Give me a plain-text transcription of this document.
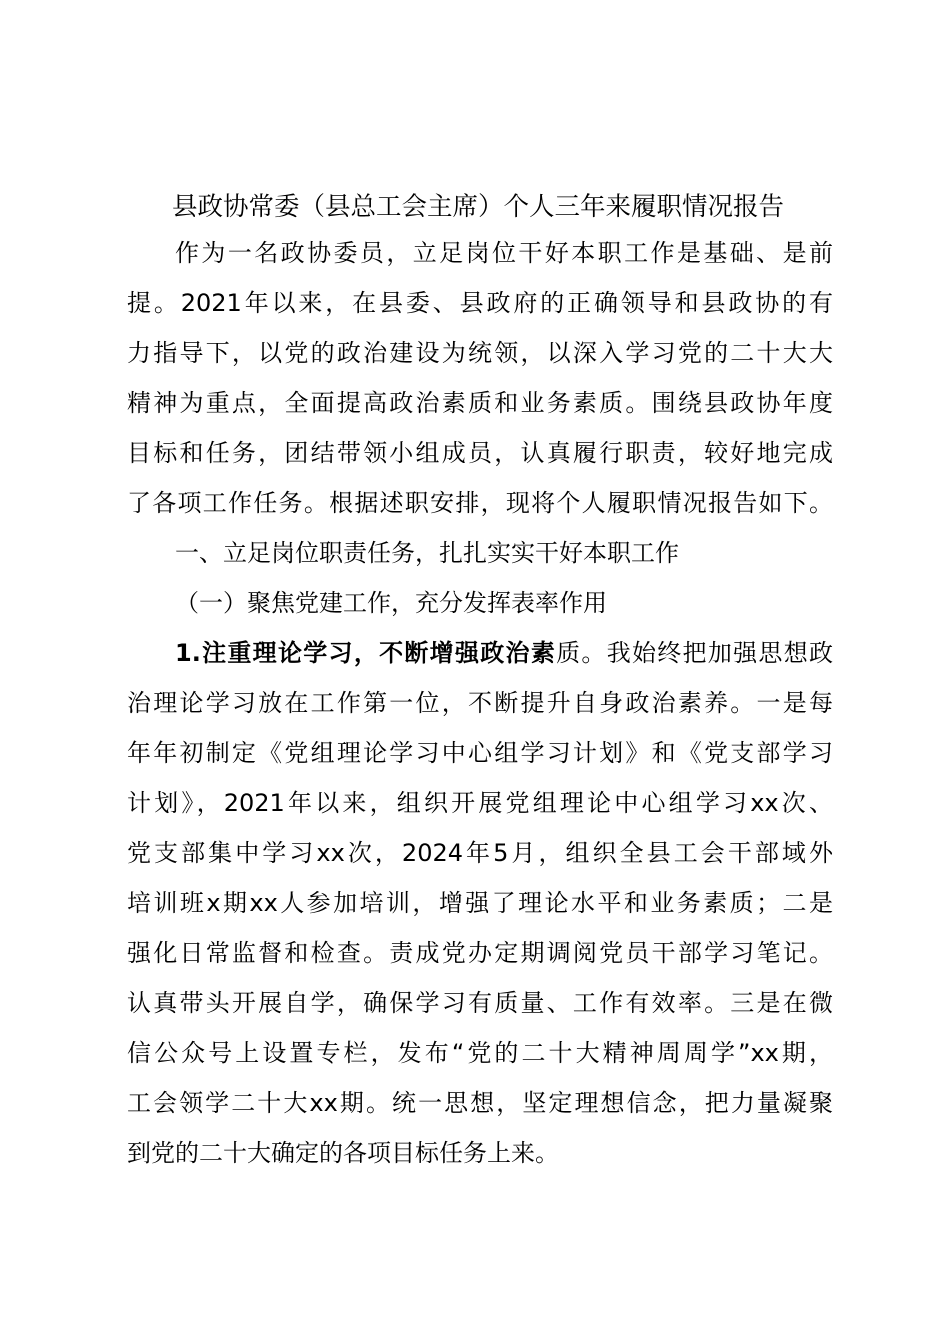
县政协常委（县总工会主席）个人三年来履职情况报告
作为一名政协委员，立足岗位干好本职工作是基础、是前
提。2021年以来，在县委、县政府的正确领导和县政协的有
力指导下，以党的政治建设为统领，以深入学习党的二十大大
精神为重点，全面提高政治素质和业务素质。围绕县政协年度
目标和任务，团结带领小组成员，认真履行职责，较好地完成
了各项工作任务。根据述职安排，现将个人履职情况报告如下。
一、立足岗位职责任务，扎扎实实干好本职工作
（一）聚焦党建工作，充分发挥表率作用
1.注重理论学习，不断增强政治素质。我始终把加强思想政
治理论学习放在工作第一位，不断提升自身政治素养。一是每
年年初制定《党组理论学习中心组学习计划》和《党支部学习
计划》，2021年以来，组织开展党组理论中心组学习xx次、
党支部集中学习xx次，2024年5月，组织全县工会干部域外
培训班x期xx人参加培训，增强了理论水平和业务素质；二是
强化日常监督和检查。责成党办定期调阅党员干部学习笔记。
认真带头开展自学，确保学习有质量、工作有效率。三是在微
信公众号上设置专栏，发布“党的二十大精神周周学”xx期，
工会领学二十大xx期。统一思想，坚定理想信念，把力量凝聚
到党的二十大确定的各项目标任务上来。
